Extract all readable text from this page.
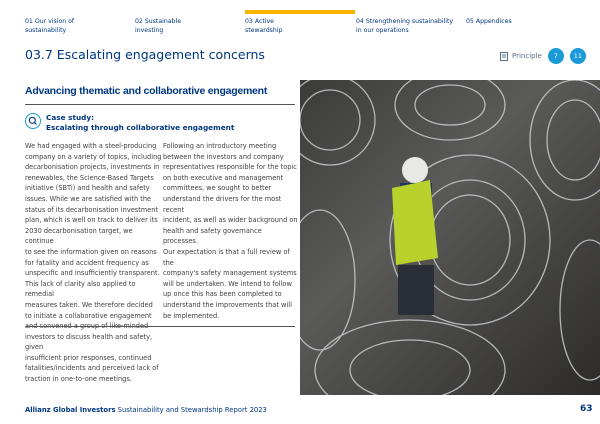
01 Our vision of
sustainability
02 Sustainable
investing
03 Active
stewardship
04 Strengthening sustainability
in our operations
05 Appendices
03.7 Escalating engagement concerns	Principle	7	11
Advancing thematic and collaborative engagement
Case study:
Escalating through collaborative engagement
We had engaged with a steel-producing
company on a variety of topics, including
decarbonisation projects, investments in
renewables, the Science-Based Targets
initiative (SBTi) and health and safety
issues. While we are satisfied with the
status of its decarbonisation investment
plan, which is well on track to deliver its
2030 decarbonisation target, we continue
to see the information given on reasons
for fatality and accident frequency as
unspecific and insufficiently transparent.
This lack of clarity also applied to remedial
measures taken. We therefore decided
to initiate a collaborative engagement

investors to discuss health and safety, given
insufficient prior responses, continued
fatalities/incidents and perceived lack of
traction in one-to-one meetings.
Following an introductory meeting
between the investors and company
representatives responsible for the topic
on both executive and management
committees, we sought to better
understand the drivers for the most recent
incident, as well as wider background on
health and safety governance processes.
Our expectation is that a full review of the
company's safety management systems
will be undertaken. We intend to follow
up once this has been completed to
understand the improvements that will
be implemented.
Allianz Global Investors Sustainability and Stewardship Report 2023	63
